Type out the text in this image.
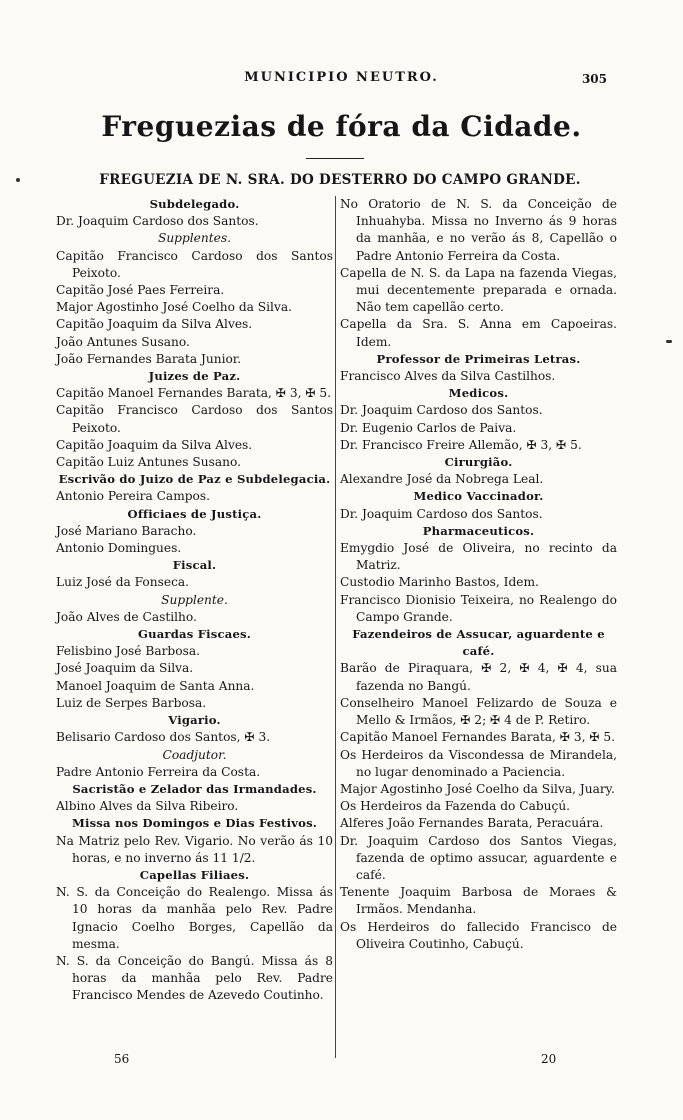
MUNICIPIO NEUTRO.	305
Freguezias de fóra da Cidade.
FREGUEZIA DE N. SRA. DO DESTERRO DO CAMPO GRANDE.
Subdelegado.
Dr. Joaquim Cardoso dos Santos.
Supplentes.
Capitão Francisco Cardoso dos Santos Peixoto.
Capitão José Paes Ferreira.
Major Agostinho José Coelho da Silva.
Capitão Joaquim da Silva Alves.
João Antunes Susano.
João Fernandes Barata Junior.
Juizes de Paz.
Capitão Manoel Fernandes Barata, ✠ 3, ✠ 5.
Capitão Francisco Cardoso dos Santos Peixoto.
Capitão Joaquim da Silva Alves.
Capitão Luiz Antunes Susano.
Escrivão do Juizo de Paz e Subdelegacia.
Antonio Pereira Campos.
Officiaes de Justiça.
José Mariano Baracho.
Antonio Domingues.
Fiscal.
Luiz José da Fonseca.
Supplente.
João Alves de Castilho.
Guardas Fiscaes.
Felisbino José Barbosa.
José Joaquim da Silva.
Manoel Joaquim de Santa Anna.
Luiz de Serpes Barbosa.
Vigario.
Belisario Cardoso dos Santos, ✠ 3.
Coadjutor.
Padre Antonio Ferreira da Costa.
Sacristão e Zelador das Irmandades.
Albino Alves da Silva Ribeiro.
Missa nos Domingos e Dias Festivos.
Na Matriz pelo Rev. Vigario. No verão ás 10 horas, e no inverno ás 11 1/2.
Capellas Filiaes.
N. S. da Conceição do Realengo. Missa ás 10 horas da manhãa pelo Rev. Padre Ignacio Coelho Borges, Capellão da mesma.
N. S. da Conceição do Bangú. Missa ás 8 horas da manhãa pelo Rev. Padre Francisco Mendes de Azevedo Coutinho.
No Oratorio de N. S. da Conceição de Inhuahyba. Missa no Inverno ás 9 horas da manhãa, e no verão ás 8, Capellão o Padre Antonio Ferreira da Costa.
Capella de N. S. da Lapa na fazenda Viegas, mui decentemente preparada e ornada. Não tem capellão certo.
Capella da Sra. S. Anna em Capoeiras. Idem.
Professor de Primeiras Letras.
Francisco Alves da Silva Castilhos.
Medicos.
Dr. Joaquim Cardoso dos Santos.
Dr. Eugenio Carlos de Paiva.
Dr. Francisco Freire Allemão, ✠ 3, ✠ 5.
Cirurgião.
Alexandre José da Nobrega Leal.
Medico Vaccinador.
Dr. Joaquim Cardoso dos Santos.
Pharmaceuticos.
Emygdio José de Oliveira, no recinto da Matriz.
Custodio Marinho Bastos, Idem.
Francisco Dionisio Teixeira, no Realengo do Campo Grande.
Fazendeiros de Assucar, aguardente e café.
Barão de Piraquara, ✠ 2, ✠ 4, ✠ 4, sua fazenda no Bangú.
Conselheiro Manoel Felizardo de Souza e Mello & Irmãos, ✠ 2; ✠ 4 de P. Retiro.
Capitão Manoel Fernandes Barata, ✠ 3, ✠ 5.
Os Herdeiros da Viscondessa de Mirandela, no lugar denominado a Paciencia.
Major Agostinho José Coelho da Silva, Juary.
Os Herdeiros da Fazenda do Cabuçú.
Alferes João Fernandes Barata, Peracuára.
Dr. Joaquim Cardoso dos Santos Viegas, fazenda de optimo assucar, aguardente e café.
Tenente Joaquim Barbosa de Moraes & Irmãos. Mendanha.
Os Herdeiros do fallecido Francisco de Oliveira Coutinho, Cabuçú.
56	20
